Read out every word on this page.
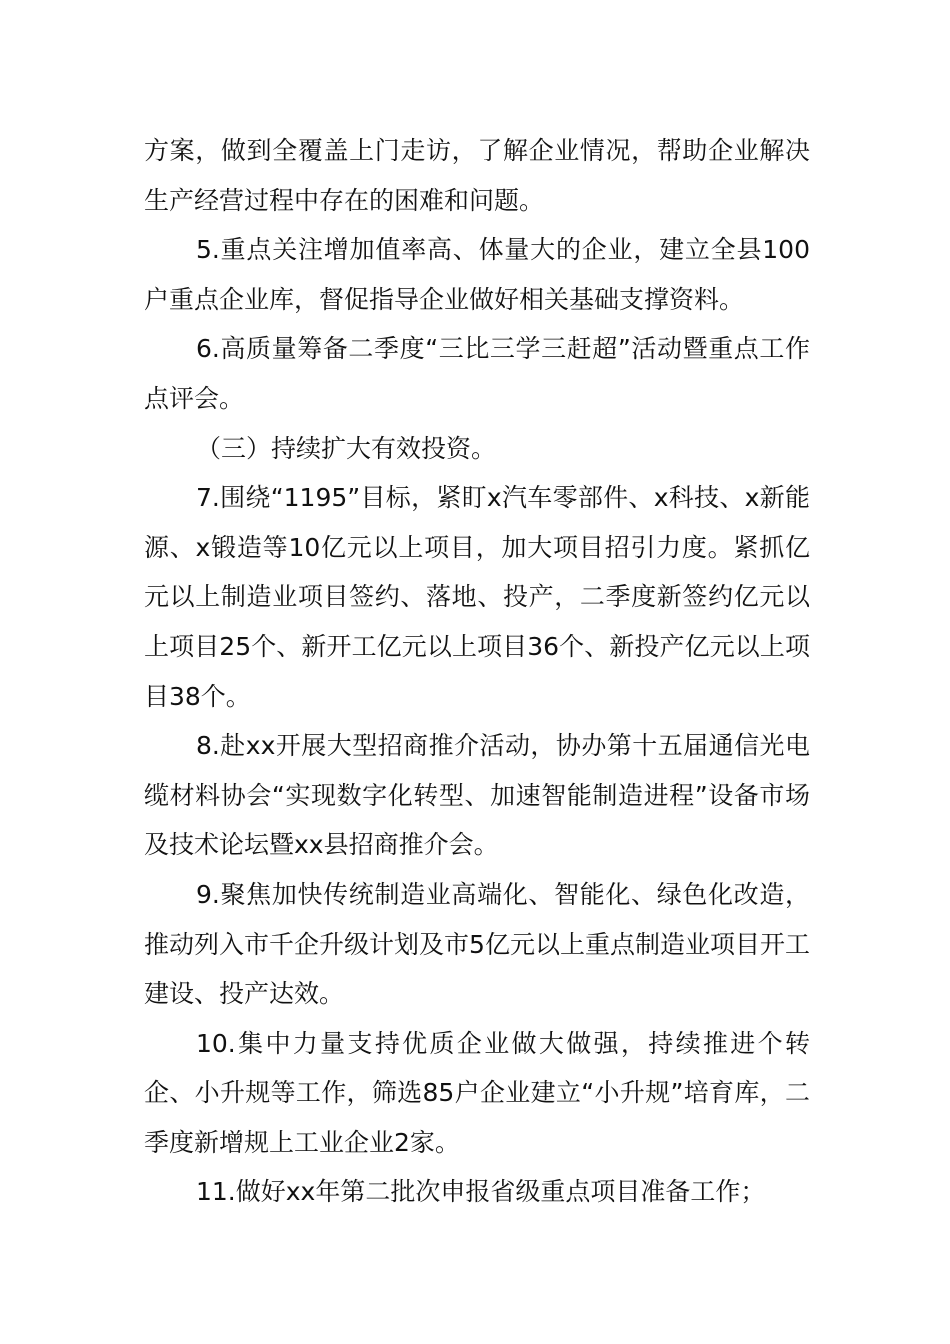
方案，做到全覆盖上门走访，了解企业情况，帮助企业解决生产经营过程中存在的困难和问题。

5.重点关注增加值率高、体量大的企业，建立全县100户重点企业库，督促指导企业做好相关基础支撑资料。

6.高质量筹备二季度“三比三学三赶超”活动暨重点工作点评会。

（三）持续扩大有效投资。

7.围绕“1195”目标，紧盯x汽车零部件、x科技、x新能源、x锻造等10亿元以上项目，加大项目招引力度。紧抓亿元以上制造业项目签约、落地、投产，二季度新签约亿元以上项目25个、新开工亿元以上项目36个、新投产亿元以上项目38个。

8.赴xx开展大型招商推介活动，协办第十五届通信光电缆材料协会“实现数字化转型、加速智能制造进程”设备市场及技术论坛暨xx县招商推介会。

9.聚焦加快传统制造业高端化、智能化、绿色化改造，推动列入市千企升级计划及市5亿元以上重点制造业项目开工建设、投产达效。

10.集中力量支持优质企业做大做强，持续推进个转企、小升规等工作，筛选85户企业建立“小升规”培育库，二季度新增规上工业企业2家。

11.做好xx年第二批次申报省级重点项目准备工作；
